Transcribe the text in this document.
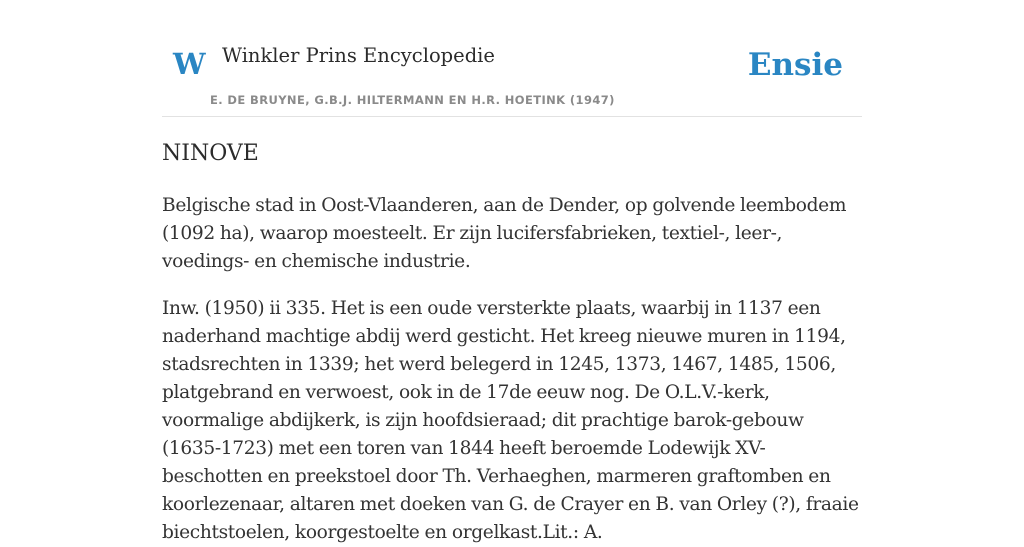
W Winkler Prins Encyclopedie
E. DE BRUYNE, G.B.J. HILTERMANN EN H.R. HOETINK (1947)
Ensie
NINOVE

Belgische stad in Oost-Vlaanderen, aan de Dender, op golvende leembodem (1092 ha), waarop moesteelt. Er zijn lucifersfabrieken, textiel-, leer-, voedings- en chemische industrie.

Inw. (1950) ii 335. Het is een oude versterkte plaats, waarbij in 1137 een naderhand machtige abdij werd gesticht. Het kreeg nieuwe muren in 1194, stadsrechten in 1339; het werd belegerd in 1245, 1373, 1467, 1485, 1506, platgebrand en verwoest, ook in de 17de eeuw nog. De O.L.V.-kerk, voormalige abdijkerk, is zijn hoofdsieraad; dit prachtige barok-gebouw (1635-1723) met een toren van 1844 heeft beroemde Lodewijk XV-beschotten en preekstoel door Th. Verhaeghen, marmeren graftomben en koorlezenaar, altaren met doeken van G. de Crayer en B. van Orley (?), fraaie biechtstoelen, koorgestoelte en orgelkast.Lit.: A.
